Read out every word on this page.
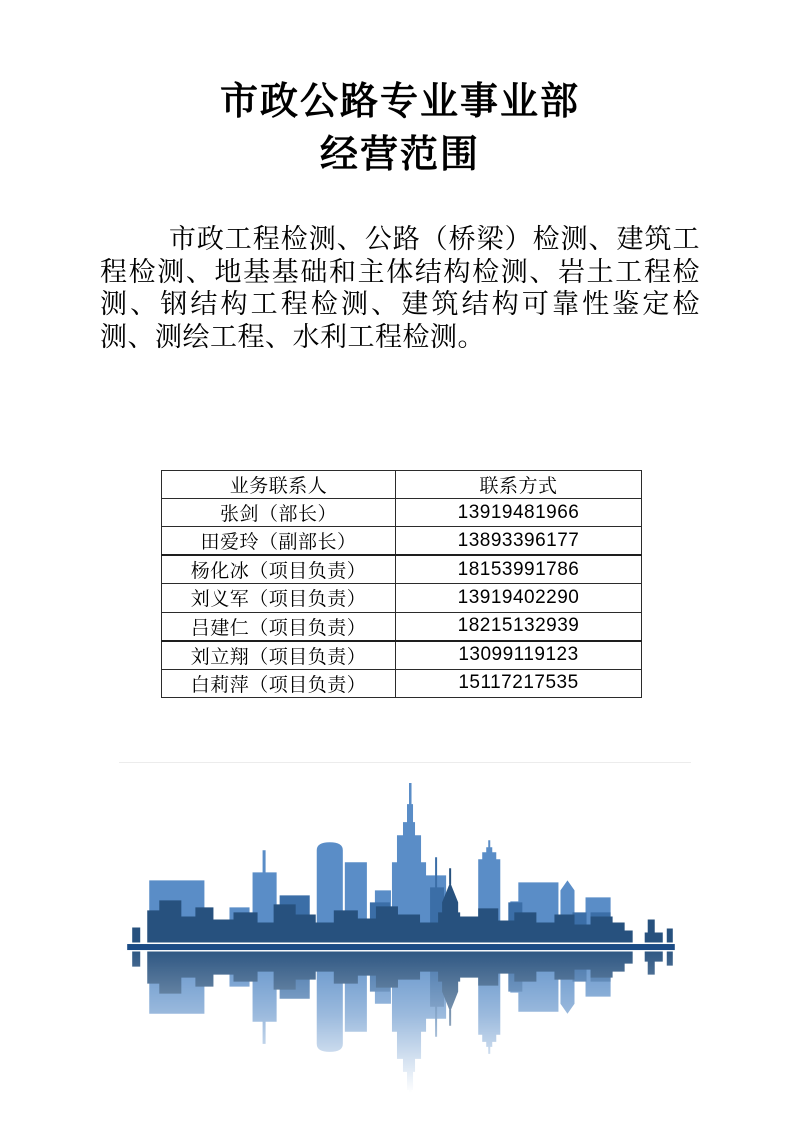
市政公路专业事业部
经营范围

市政工程检测、公路（桥梁）检测、建筑工程检测、地基基础和主体结构检测、岩土工程检测、钢结构工程检测、建筑结构可靠性鉴定检测、测绘工程、水利工程检测。

业务联系人	联系方式
张剑（部长）	13919481966
田爱玲（副部长）	13893396177
杨化冰（项目负责）	18153991786
刘义军（项目负责）	13919402290
吕建仁（项目负责）	18215132939
刘立翔（项目负责）	13099119123
白莉萍（项目负责）	15117217535
